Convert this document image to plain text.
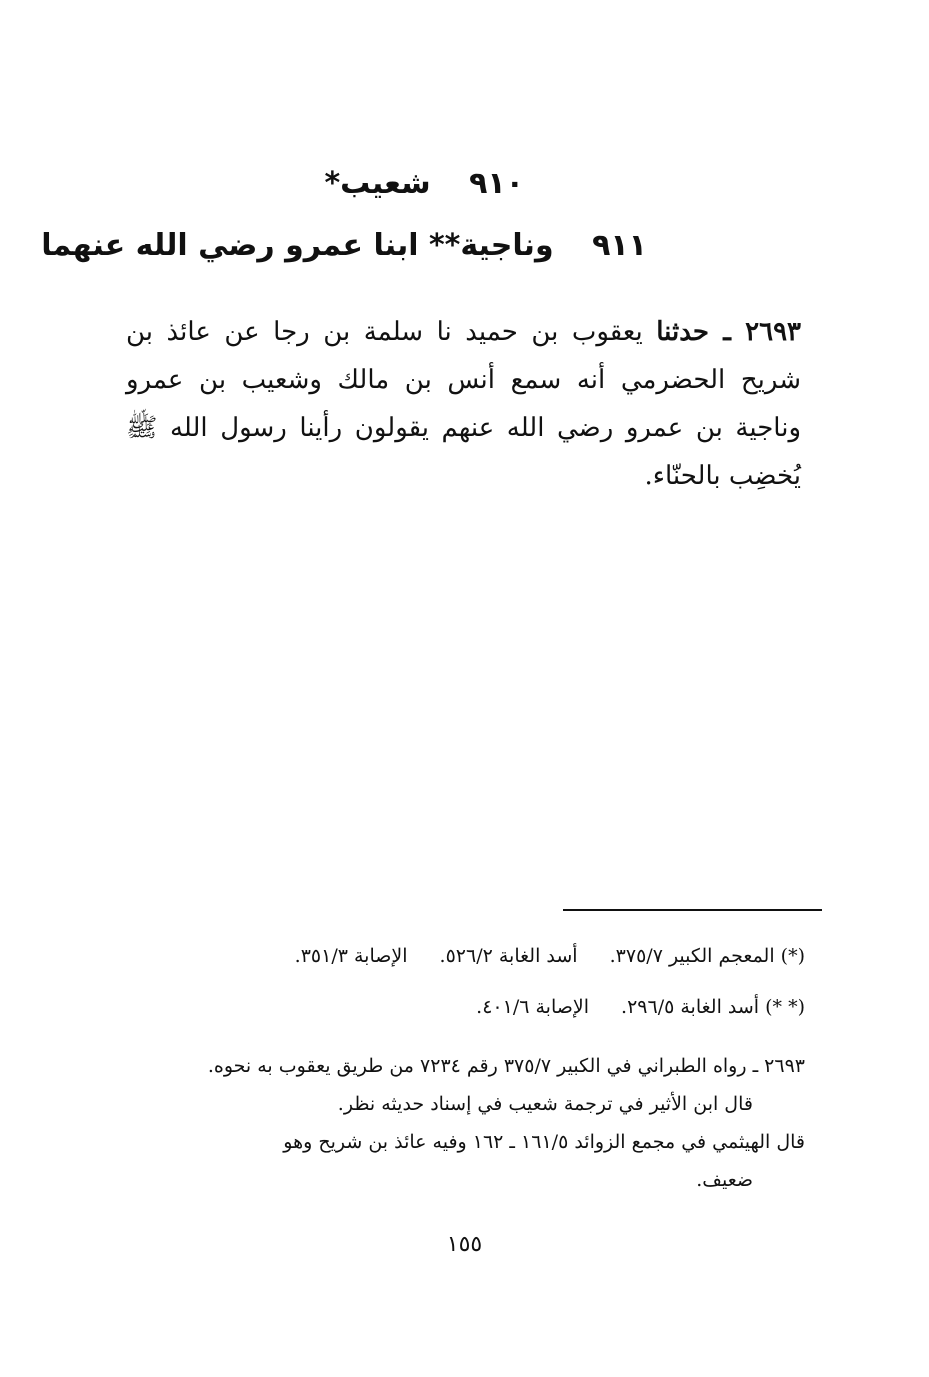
٩١٠ شعيب*
٩١١ وناجية** ابنا عمرو رضي الله عنهما
٢٦٩٣ ـ حدثنا يعقوب بن حميد نا سلمة بن رجا عن عائذ بن شريح الحضرمي أنه سمع أنس بن مالك وشعيب بن عمرو وناجية بن عمرو رضي الله عنهم يقولون رأينا رسول الله ﷺ يُخضِب بالحنّاء.
(*) المعجم الكبير ٣٧٥/٧. أسد الغابة ٥٢٦/٢. الإصابة ٣٥١/٣.
(* *) أسد الغابة ٢٩٦/٥. الإصابة ٤٠١/٦.
٢٦٩٣ ـ رواه الطبراني في الكبير ٣٧٥/٧ رقم ٧٢٣٤ من طريق يعقوب به نحوه.
قال ابن الأثير في ترجمة شعيب في إسناد حديثه نظر.
قال الهيثمي في مجمع الزوائد ١٦١/٥ ـ ١٦٢ وفيه عائذ بن شريح وهو
ضعيف.
١٥٥
